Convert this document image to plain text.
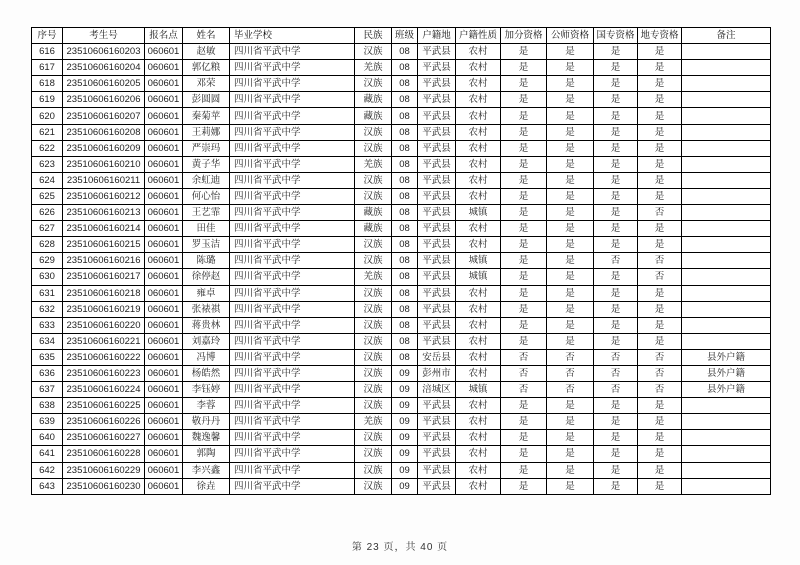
序号	考生号	报名点	姓名	毕业学校	民族	班级	户籍地	户籍性质	加分资格	公师资格	国专资格	地专资格	备注
616	23510606160203	060601	赵敏	四川省平武中学	汉族	08	平武县	农村	是	是	是	是	
617	23510606160204	060601	郭亿粮	四川省平武中学	羌族	08	平武县	农村	是	是	是	是	
618	23510606160205	060601	邓荣	四川省平武中学	汉族	08	平武县	农村	是	是	是	是	
619	23510606160206	060601	彭圆圆	四川省平武中学	藏族	08	平武县	农村	是	是	是	是	
620	23510606160207	060601	秦菊苹	四川省平武中学	藏族	08	平武县	农村	是	是	是	是	
621	23510606160208	060601	王莉娜	四川省平武中学	汉族	08	平武县	农村	是	是	是	是	
622	23510606160209	060601	严崇玛	四川省平武中学	汉族	08	平武县	农村	是	是	是	是	
623	23510606160210	060601	黄子华	四川省平武中学	羌族	08	平武县	农村	是	是	是	是	
624	23510606160211	060601	余虹迪	四川省平武中学	汉族	08	平武县	农村	是	是	是	是	
625	23510606160212	060601	何心怡	四川省平武中学	汉族	08	平武县	农村	是	是	是	是	
626	23510606160213	060601	王艺霏	四川省平武中学	藏族	08	平武县	城镇	是	是	是	否	
627	23510606160214	060601	田佳	四川省平武中学	藏族	08	平武县	农村	是	是	是	是	
628	23510606160215	060601	罗玉洁	四川省平武中学	汉族	08	平武县	农村	是	是	是	是	
629	23510606160216	060601	陈璐	四川省平武中学	汉族	08	平武县	城镇	是	是	否	否	
630	23510606160217	060601	徐停赵	四川省平武中学	羌族	08	平武县	城镇	是	是	是	否	
631	23510606160218	060601	雍卓	四川省平武中学	汉族	08	平武县	农村	是	是	是	是	
632	23510606160219	060601	张裱祺	四川省平武中学	汉族	08	平武县	农村	是	是	是	是	
633	23510606160220	060601	蒋贵林	四川省平武中学	汉族	08	平武县	农村	是	是	是	是	
634	23510606160221	060601	刘嘉玲	四川省平武中学	汉族	08	平武县	农村	是	是	是	是	
635	23510606160222	060601	冯博	四川省平武中学	汉族	08	安岳县	农村	否	否	否	否	县外户籍
636	23510606160223	060601	杨皓然	四川省平武中学	汉族	09	彭州市	农村	否	否	否	否	县外户籍
637	23510606160224	060601	李钰婷	四川省平武中学	汉族	09	涪城区	城镇	否	否	否	否	县外户籍
638	23510606160225	060601	李蓉	四川省平武中学	汉族	09	平武县	农村	是	是	是	是	
639	23510606160226	060601	敬丹丹	四川省平武中学	羌族	09	平武县	农村	是	是	是	是	
640	23510606160227	060601	魏逸馨	四川省平武中学	汉族	09	平武县	农村	是	是	是	是	
641	23510606160228	060601	郭陶	四川省平武中学	汉族	09	平武县	农村	是	是	是	是	
642	23510606160229	060601	李兴鑫	四川省平武中学	汉族	09	平武县	农村	是	是	是	是	
643	23510606160230	060601	徐垚	四川省平武中学	汉族	09	平武县	农村	是	是	是	是	
第 23 页，共 40 页
